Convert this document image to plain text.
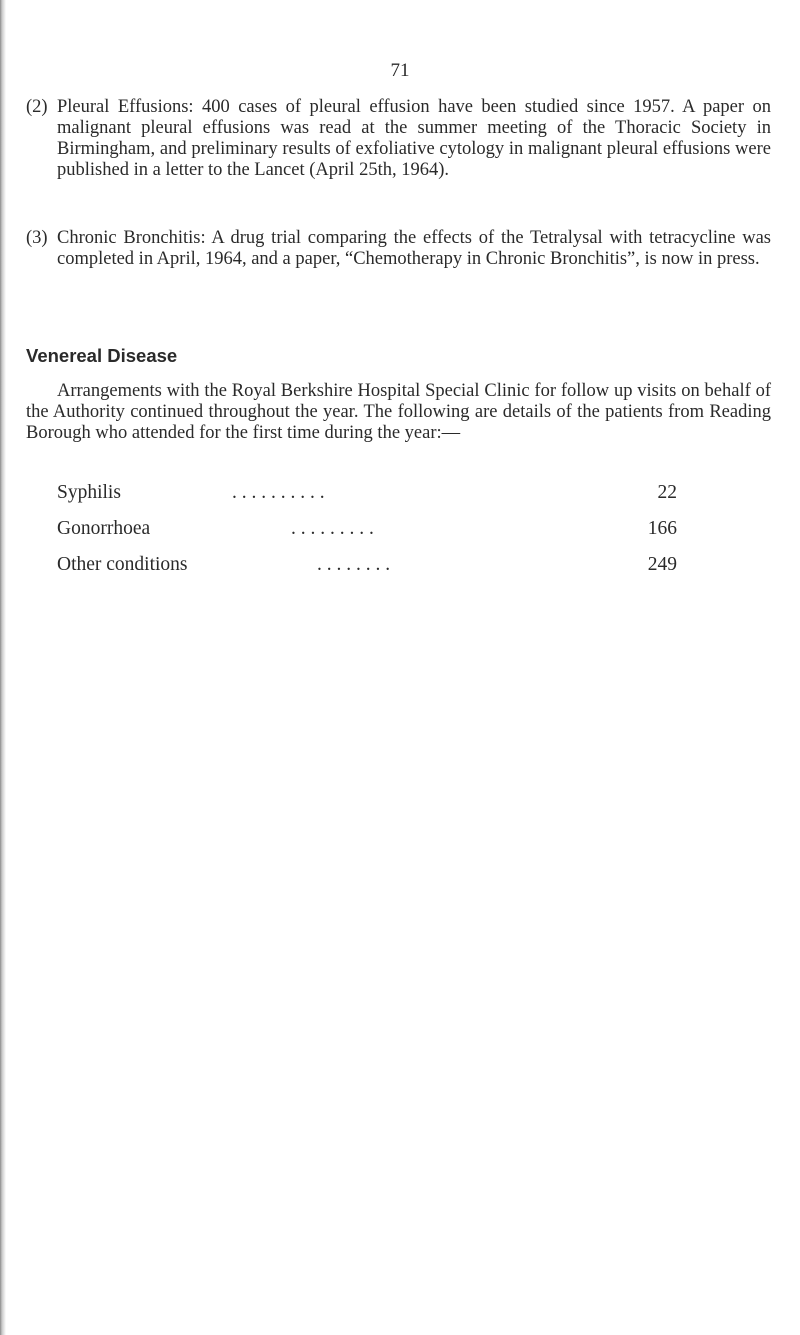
71
(2) Pleural Effusions: 400 cases of pleural effusion have been studied since 1957. A paper on malignant pleural effusions was read at the summer meeting of the Thoracic Society in Birmingham, and preliminary results of exfoliative cytology in malignant pleural effusions were published in a letter to the Lancet (April 25th, 1964).
(3) Chronic Bronchitis: A drug trial comparing the effects of the Tetralysal with tetracycline was completed in April, 1964, and a paper, “Chemotherapy in Chronic Bronchitis”, is now in press.
Venereal Disease
Arrangements with the Royal Berkshire Hospital Special Clinic for follow up visits on behalf of the Authority continued throughout the year. The following are details of the patients from Reading Borough who attended for the first time during the year:—
Syphilis	. . . . . . . . . .	22
Gonorrhoea	. . . . . . . . .	166
Other conditions	. . . . . . . .	249
